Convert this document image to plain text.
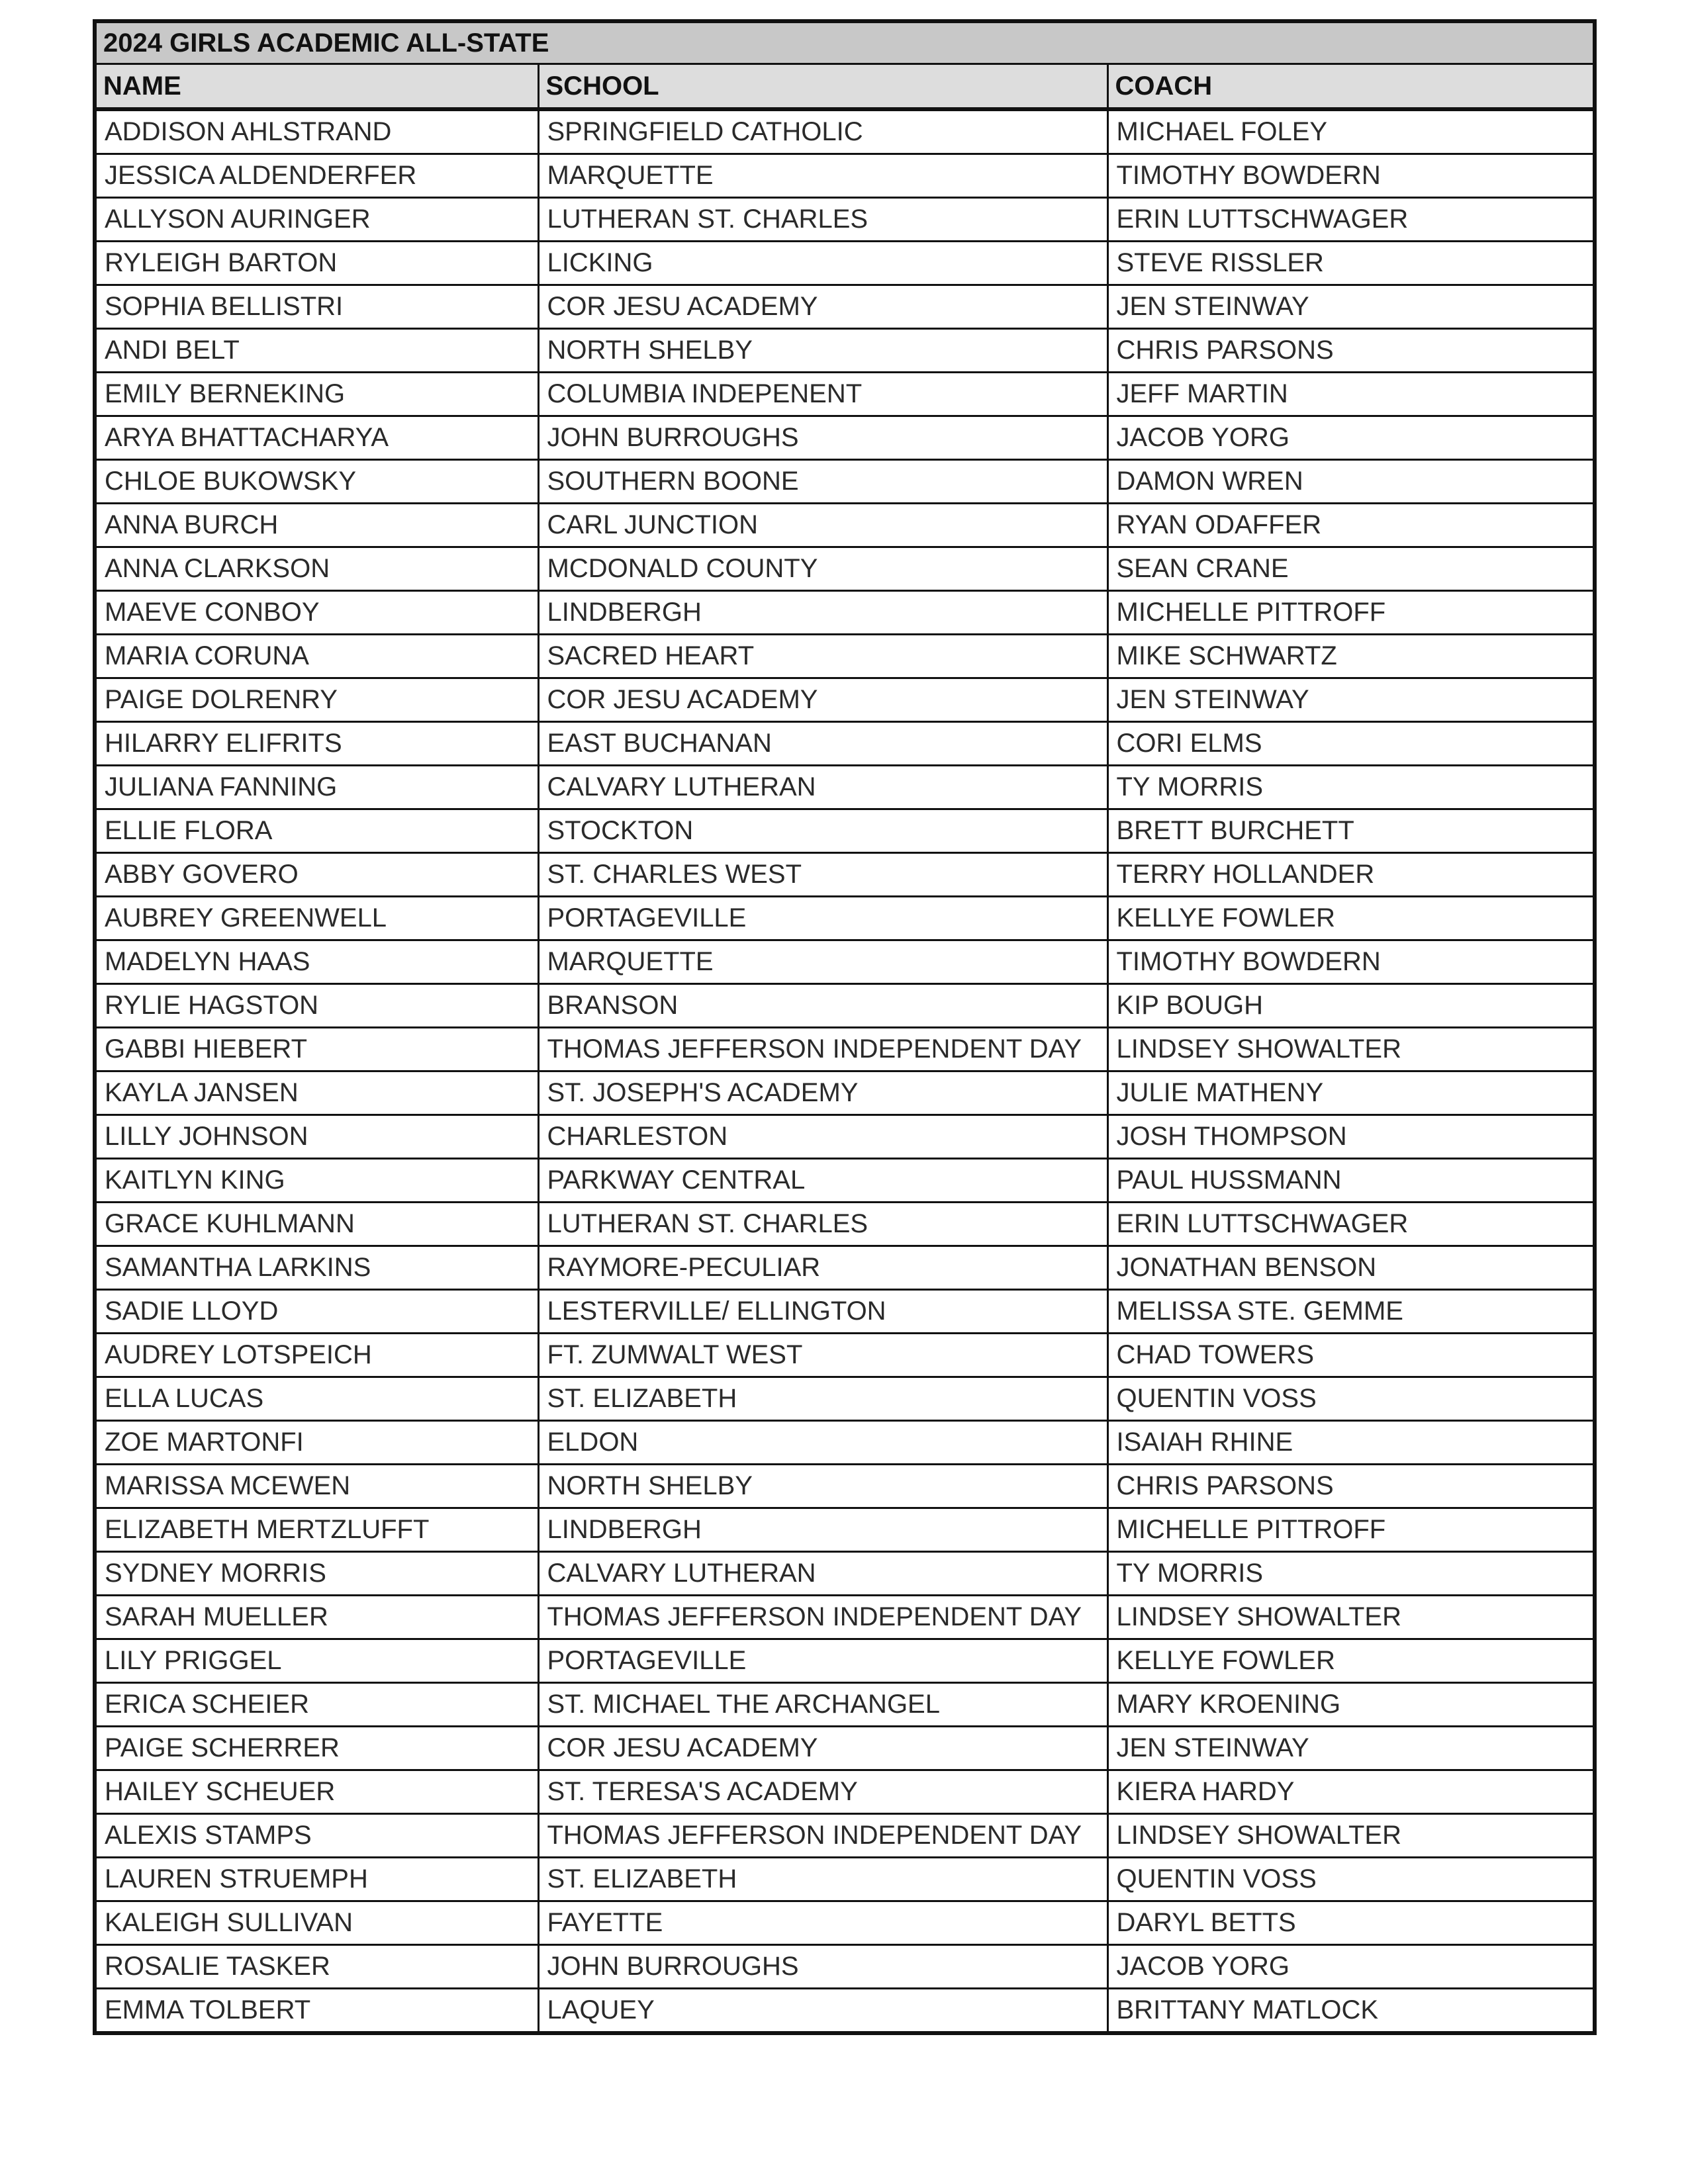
2024 GIRLS ACADEMIC ALL-STATE		
NAME	SCHOOL	COACH
ADDISON AHLSTRAND	SPRINGFIELD CATHOLIC	MICHAEL FOLEY
JESSICA ALDENDERFER	MARQUETTE	TIMOTHY BOWDERN
ALLYSON AURINGER	LUTHERAN ST. CHARLES	ERIN LUTTSCHWAGER
RYLEIGH BARTON	LICKING	STEVE RISSLER
SOPHIA BELLISTRI	COR JESU ACADEMY	JEN STEINWAY
ANDI BELT	NORTH SHELBY	CHRIS PARSONS
EMILY BERNEKING	COLUMBIA INDEPENENT	JEFF MARTIN
ARYA BHATTACHARYA	JOHN BURROUGHS	JACOB YORG
CHLOE BUKOWSKY	SOUTHERN BOONE	DAMON WREN
ANNA BURCH	CARL JUNCTION	RYAN ODAFFER
ANNA CLARKSON	MCDONALD COUNTY	SEAN CRANE
MAEVE CONBOY	LINDBERGH	MICHELLE PITTROFF
MARIA CORUNA	SACRED HEART	MIKE SCHWARTZ
PAIGE DOLRENRY	COR JESU ACADEMY	JEN STEINWAY
HILARRY ELIFRITS	EAST BUCHANAN	CORI ELMS
JULIANA FANNING	CALVARY LUTHERAN	TY MORRIS
ELLIE FLORA	STOCKTON	BRETT BURCHETT
ABBY GOVERO	ST. CHARLES WEST	TERRY HOLLANDER
AUBREY GREENWELL	PORTAGEVILLE	KELLYE FOWLER
MADELYN HAAS	MARQUETTE	TIMOTHY BOWDERN
RYLIE HAGSTON	BRANSON	KIP BOUGH
GABBI HIEBERT	THOMAS JEFFERSON INDEPENDENT DAY	LINDSEY SHOWALTER
KAYLA JANSEN	ST. JOSEPH'S ACADEMY	JULIE MATHENY
LILLY JOHNSON	CHARLESTON	JOSH THOMPSON
KAITLYN KING	PARKWAY CENTRAL	PAUL HUSSMANN
GRACE KUHLMANN	LUTHERAN ST. CHARLES	ERIN LUTTSCHWAGER
SAMANTHA LARKINS	RAYMORE-PECULIAR	JONATHAN BENSON
SADIE LLOYD	LESTERVILLE/ ELLINGTON	MELISSA STE. GEMME
AUDREY LOTSPEICH	FT. ZUMWALT WEST	CHAD TOWERS
ELLA LUCAS	ST. ELIZABETH	QUENTIN VOSS
ZOE MARTONFI	ELDON	ISAIAH RHINE
MARISSA MCEWEN	NORTH SHELBY	CHRIS PARSONS
ELIZABETH MERTZLUFFT	LINDBERGH	MICHELLE PITTROFF
SYDNEY MORRIS	CALVARY LUTHERAN	TY MORRIS
SARAH MUELLER	THOMAS JEFFERSON INDEPENDENT DAY	LINDSEY SHOWALTER
LILY PRIGGEL	PORTAGEVILLE	KELLYE FOWLER
ERICA SCHEIER	ST. MICHAEL THE ARCHANGEL	MARY KROENING
PAIGE SCHERRER	COR JESU ACADEMY	JEN STEINWAY
HAILEY SCHEUER	ST. TERESA'S ACADEMY	KIERA HARDY
ALEXIS STAMPS	THOMAS JEFFERSON INDEPENDENT DAY	LINDSEY SHOWALTER
LAUREN STRUEMPH	ST. ELIZABETH	QUENTIN VOSS
KALEIGH SULLIVAN	FAYETTE	DARYL BETTS
ROSALIE TASKER	JOHN BURROUGHS	JACOB YORG
EMMA TOLBERT	LAQUEY	BRITTANY MATLOCK
